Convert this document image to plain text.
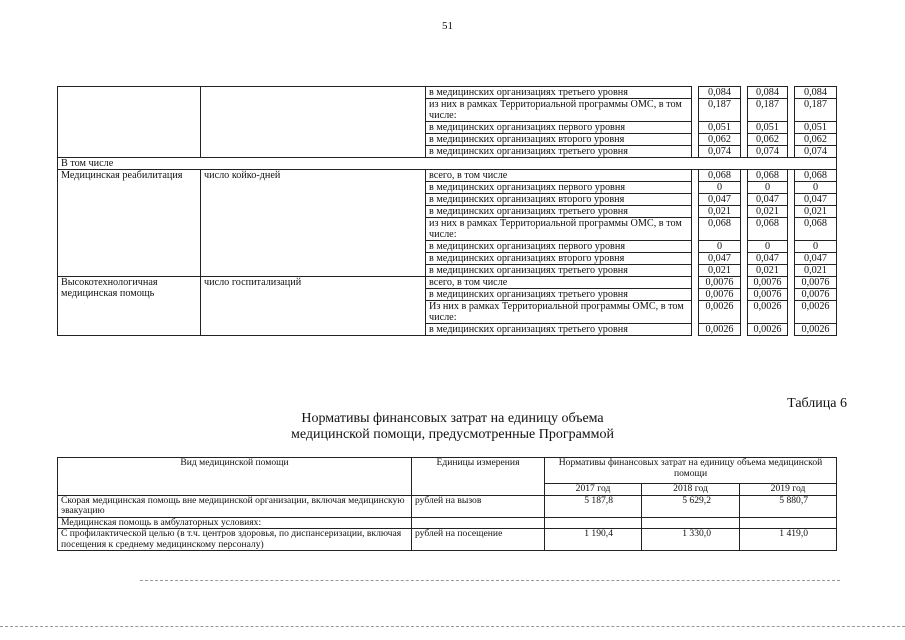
51
		в медицинских организациях третьего уровня		0,084		0,084		0,084
		из них в рамках Территориальной программы ОМС, в том числе:		0,187		0,187		0,187
		в медицинских организациях первого уровня		0,051		0,051		0,051
		в медицинских организациях второго уровня		0,062		0,062		0,062
		в медицинских организациях третьего уровня		0,074		0,074		0,074
В том числе								
Медицинская реабилитация	число койко-дней	всего, в том числе		0,068		0,068		0,068
		в медицинских организациях первого уровня		0		0		0
		в медицинских организациях второго уровня		0,047		0,047		0,047
		в медицинских организациях третьего уровня		0,021		0,021		0,021
		из них в рамках Территориальной программы ОМС, в том числе:		0,068		0,068		0,068
		в медицинских организациях первого уровня		0		0		0
		в медицинских организациях второго уровня		0,047		0,047		0,047
		в медицинских организациях третьего уровня		0,021		0,021		0,021
Высокотехнологичная медицинская помощь	число госпитализаций	всего, в том числе		0,0076		0,0076		0,0076
		в медицинских организациях третьего уровня		0,0076		0,0076		0,0076
		Из них в рамках Территориальной программы ОМС, в том числе:		0,0026		0,0026		0,0026
		в медицинских организациях третьего уровня		0,0026		0,0026		0,0026
Таблица 6
Нормативы финансовых затрат на единицу объема
медицинской помощи, предусмотренные Программой
Вид медицинской помощи	Единицы измерения	Нормативы финансовых затрат на единицу объема медицинской помощи		
		2017 год	2018 год	2019 год
Скорая медицинская помощь вне медицинской организации, включая медицинскую эвакуацию	рублей на вызов	5 187,8	5 629,2	5 880,7
Медицинская помощь в амбулаторных условиях:				
С профилактической целью (в т.ч. центров здоровья, по диспансеризации, включая посещения к среднему медицинскому персоналу)	рублей на посещение	1 190,4	1 330,0	1 419,0
